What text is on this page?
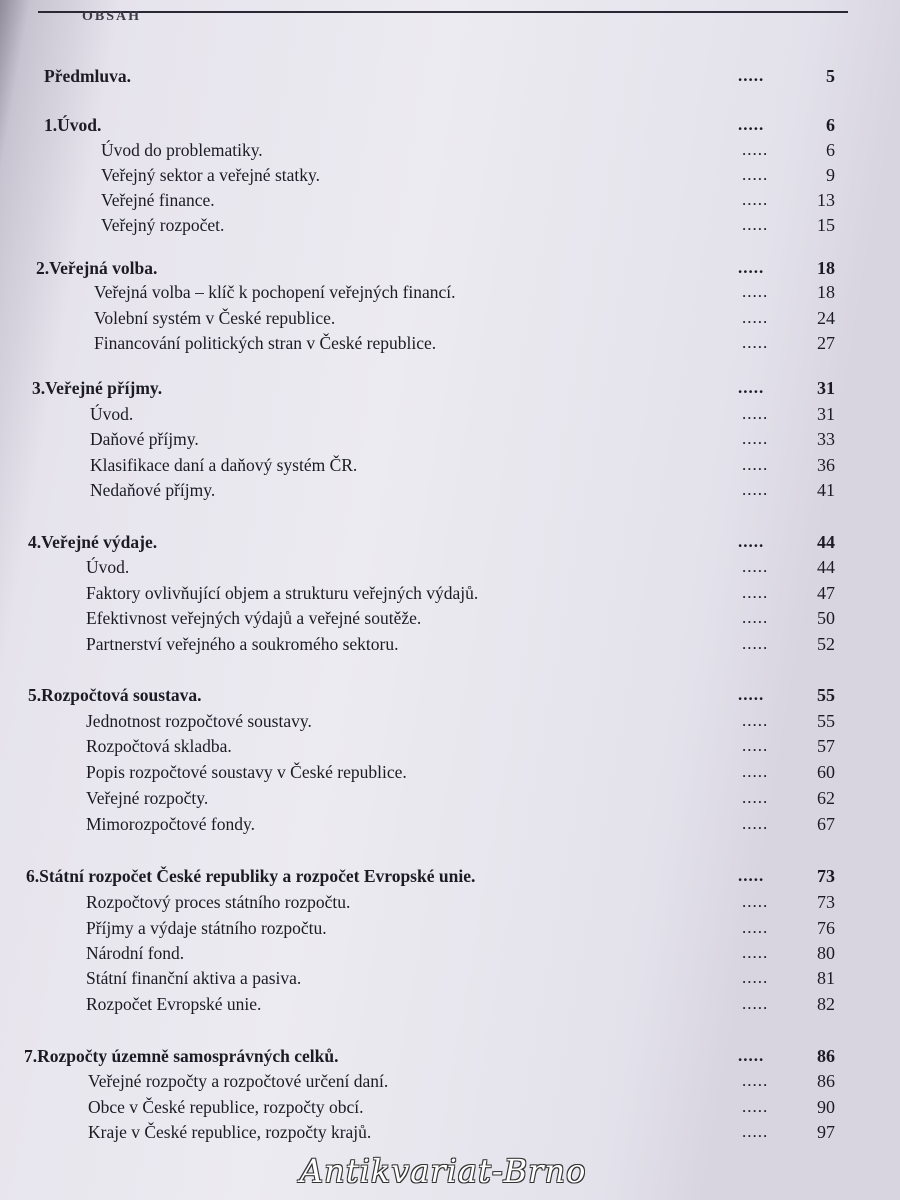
OBSAH
Předmluva.	.....	5
1.Úvod.	.....	6
Úvod do problematiky.	.....	6
Veřejný sektor a veřejné statky.	.....	9
Veřejné finance.	.....	13
Veřejný rozpočet.	.....	15
2.Veřejná volba.	.....	18
Veřejná volba – klíč k pochopení veřejných financí.	.....	18
Volební systém v České republice.	.....	24
Financování politických stran v České republice.	.....	27
3.Veřejné příjmy.	.....	31
Úvod.	.....	31
Daňové příjmy.	.....	33
Klasifikace daní a daňový systém ČR.	.....	36
Nedaňové příjmy.	.....	41
4.Veřejné výdaje.	.....	44
Úvod.	.....	44
Faktory ovlivňující objem a strukturu veřejných výdajů.	.....	47
Efektivnost veřejných výdajů a veřejné soutěže.	.....	50
Partnerství veřejného a soukromého sektoru.	.....	52
5.Rozpočtová soustava.	.....	55
Jednotnost rozpočtové soustavy.	.....	55
Rozpočtová skladba.	.....	57
Popis rozpočtové soustavy v České republice.	.....	60
Veřejné rozpočty.	.....	62
Mimorozpočtové fondy.	.....	67
6.Státní rozpočet České republiky a rozpočet Evropské unie.	.....	73
Rozpočtový proces státního rozpočtu.	.....	73
Příjmy a výdaje státního rozpočtu.	.....	76
Národní fond.	.....	80
Státní finanční aktiva a pasiva.	.....	81
Rozpočet Evropské unie.	.....	82
7.Rozpočty územně samosprávných celků.	.....	86
Veřejné rozpočty a rozpočtové určení daní.	.....	86
Obce v České republice, rozpočty obcí.	.....	90
Kraje v České republice, rozpočty krajů.	.....	97
Antikvariat-Brno
